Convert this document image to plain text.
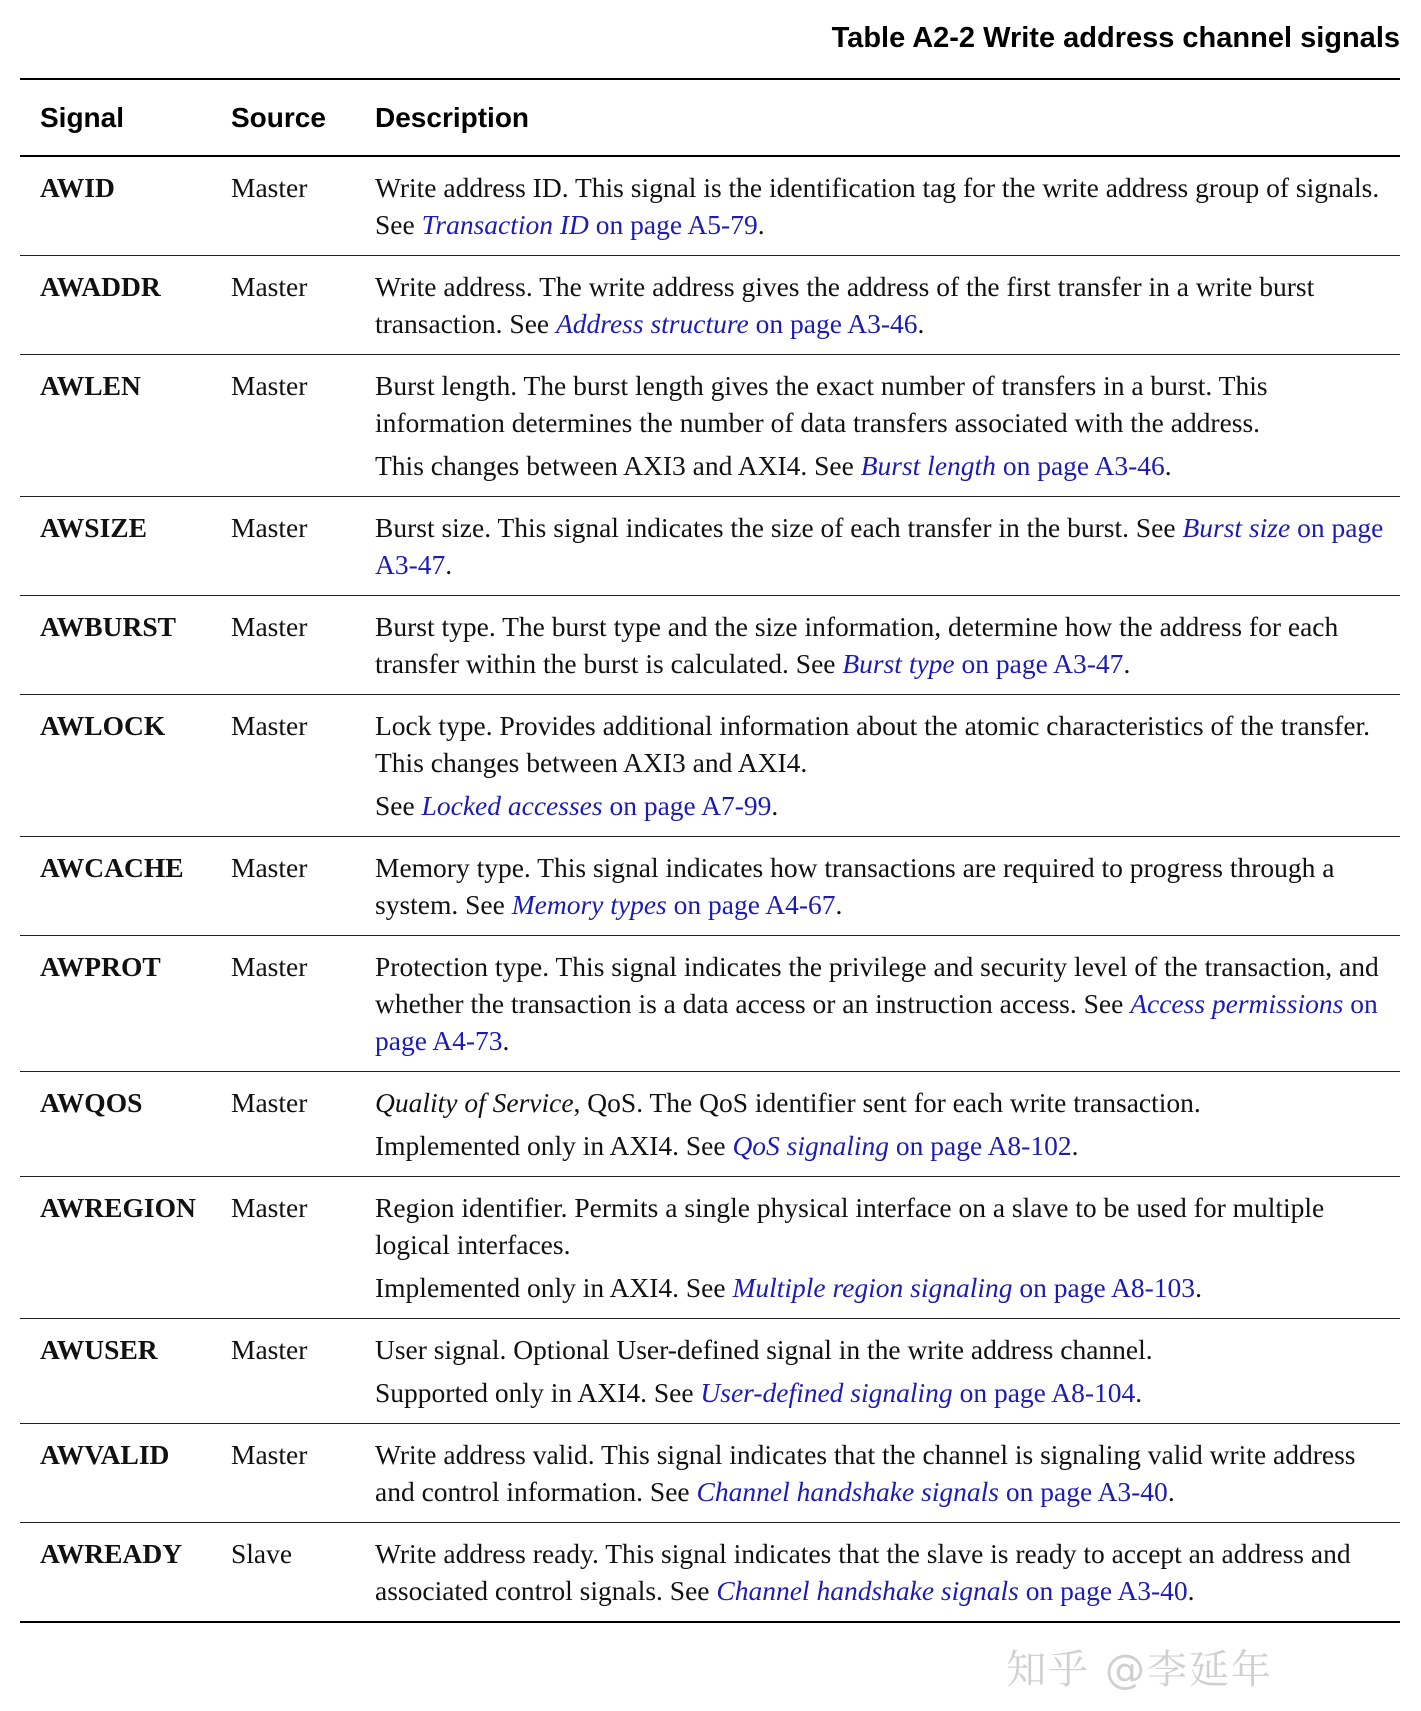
Table A2-2 Write address channel signals
Signal	Source	Description
AWID	Master	Write address ID. This signal is the identification tag for the write address group of signals. See Transaction ID on page A5-79.

AWADDR	Master	Write address. The write address gives the address of the first transfer in a write burst transaction. See Address structure on page A3-46.

AWLEN	Master	Burst length. The burst length gives the exact number of transfers in a burst. This information determines the number of data transfers associated with the address.
This changes between AXI3 and AXI4. See Burst length on page A3-46.

AWSIZE	Master	Burst size. This signal indicates the size of each transfer in the burst. See Burst size on page A3-47.

AWBURST	Master	Burst type. The burst type and the size information, determine how the address for each transfer within the burst is calculated. See Burst type on page A3-47.

AWLOCK	Master	Lock type. Provides additional information about the atomic characteristics of the transfer. This changes between AXI3 and AXI4.
See Locked accesses on page A7-99.

AWCACHE	Master	Memory type. This signal indicates how transactions are required to progress through a system. See Memory types on page A4-67.

AWPROT	Master	Protection type. This signal indicates the privilege and security level of the transaction, and whether the transaction is a data access or an instruction access. See Access permissions on page A4-73.

AWQOS	Master	Quality of Service, QoS. The QoS identifier sent for each write transaction.
Implemented only in AXI4. See QoS signaling on page A8-102.

AWREGION	Master	Region identifier. Permits a single physical interface on a slave to be used for multiple logical interfaces.
Implemented only in AXI4. See Multiple region signaling on page A8-103.

AWUSER	Master	User signal. Optional User-defined signal in the write address channel.
Supported only in AXI4. See User-defined signaling on page A8-104.

AWVALID	Master	Write address valid. This signal indicates that the channel is signaling valid write address and control information. See Channel handshake signals on page A3-40.

AWREADY	Slave	Write address ready. This signal indicates that the slave is ready to accept an address and associated control signals. See Channel handshake signals on page A3-40.
知乎 @李延年
